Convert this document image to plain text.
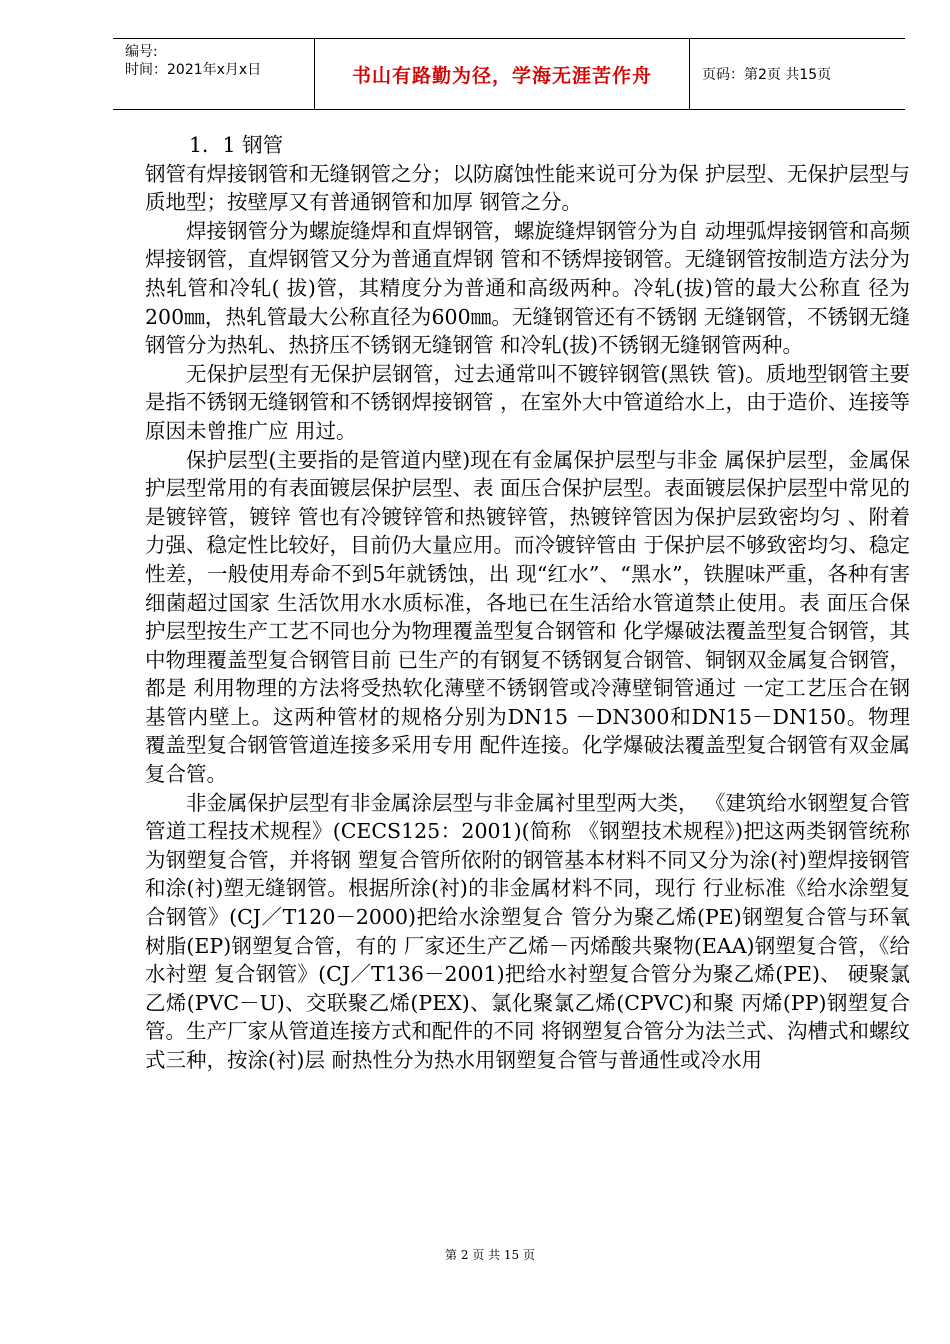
编号:
时间：2021年x月x日	书山有路勤为径，学海无涯苦作舟	页码：第2页 共15页

1．1 钢管

钢管有焊接钢管和无缝钢管之分；以防腐蚀性能来说可分为保 护层型、无保护层型与质地型；按壁厚又有普通钢管和加厚 钢管之分。

焊接钢管分为螺旋缝焊和直焊钢管，螺旋缝焊钢管分为自 动埋弧焊接钢管和高频焊接钢管，直焊钢管又分为普通直焊钢 管和不锈焊接钢管。无缝钢管按制造方法分为热轧管和冷轧( 拔)管，其精度分为普通和高级两种。冷轧(拔)管的最大公称直 径为200㎜，热轧管最大公称直径为600㎜。无缝钢管还有不锈钢 无缝钢管，不锈钢无缝钢管分为热轧、热挤压不锈钢无缝钢管 和冷轧(拔)不锈钢无缝钢管两种。

无保护层型有无保护层钢管，过去通常叫不镀锌钢管(黑铁 管)。质地型钢管主要是指不锈钢无缝钢管和不锈钢焊接钢管 ，在室外大中管道给水上，由于造价、连接等原因未曾推广应 用过。

保护层型(主要指的是管道内壁)现在有金属保护层型与非金 属保护层型，金属保护层型常用的有表面镀层保护层型、表 面压合保护层型。表面镀层保护层型中常见的是镀锌管，镀锌 管也有冷镀锌管和热镀锌管，热镀锌管因为保护层致密均匀 、附着力强、稳定性比较好，目前仍大量应用。而冷镀锌管由 于保护层不够致密均匀、稳定性差，一般使用寿命不到5年就锈蚀，出 现“红水”、“黑水”，铁腥味严重，各种有害细菌超过国家 生活饮用水水质标准，各地已在生活给水管道禁止使用。表 面压合保护层型按生产工艺不同也分为物理覆盖型复合钢管和 化学爆破法覆盖型复合钢管，其中物理覆盖型复合钢管目前 已生产的有钢复不锈钢复合钢管、铜钢双金属复合钢管，都是 利用物理的方法将受热软化薄壁不锈钢管或冷薄壁铜管通过 一定工艺压合在钢基管内壁上。这两种管材的规格分别为DN15 －DN300和DN15－DN150。物理覆盖型复合钢管管道连接多采用专用 配件连接。化学爆破法覆盖型复合钢管有双金属复合管。

非金属保护层型有非金属涂层型与非金属衬里型两大类， 《建筑给水钢塑复合管管道工程技术规程》(CECS125：2001)(简称 《钢塑技术规程》)把这两类钢管统称为钢塑复合管，并将钢 塑复合管所依附的钢管基本材料不同又分为涂(衬)塑焊接钢管 和涂(衬)塑无缝钢管。根据所涂(衬)的非金属材料不同，现行 行业标准《给水涂塑复合钢管》(CJ／T120－2000)把给水涂塑复合 管分为聚乙烯(PE)钢塑复合管与环氧树脂(EP)钢塑复合管，有的 厂家还生产乙烯－丙烯酸共聚物(EAA)钢塑复合管，《给水衬塑 复合钢管》(CJ／T136－2001)把给水衬塑复合管分为聚乙烯(PE)、 硬聚氯乙烯(PVC－U)、交联聚乙烯(PEX)、氯化聚氯乙烯(CPVC)和聚 丙烯(PP)钢塑复合管。生产厂家从管道连接方式和配件的不同 将钢塑复合管分为法兰式、沟槽式和螺纹式三种，按涂(衬)层 耐热性分为热水用钢塑复合管与普通性或冷水用

第 2 页 共 15 页
